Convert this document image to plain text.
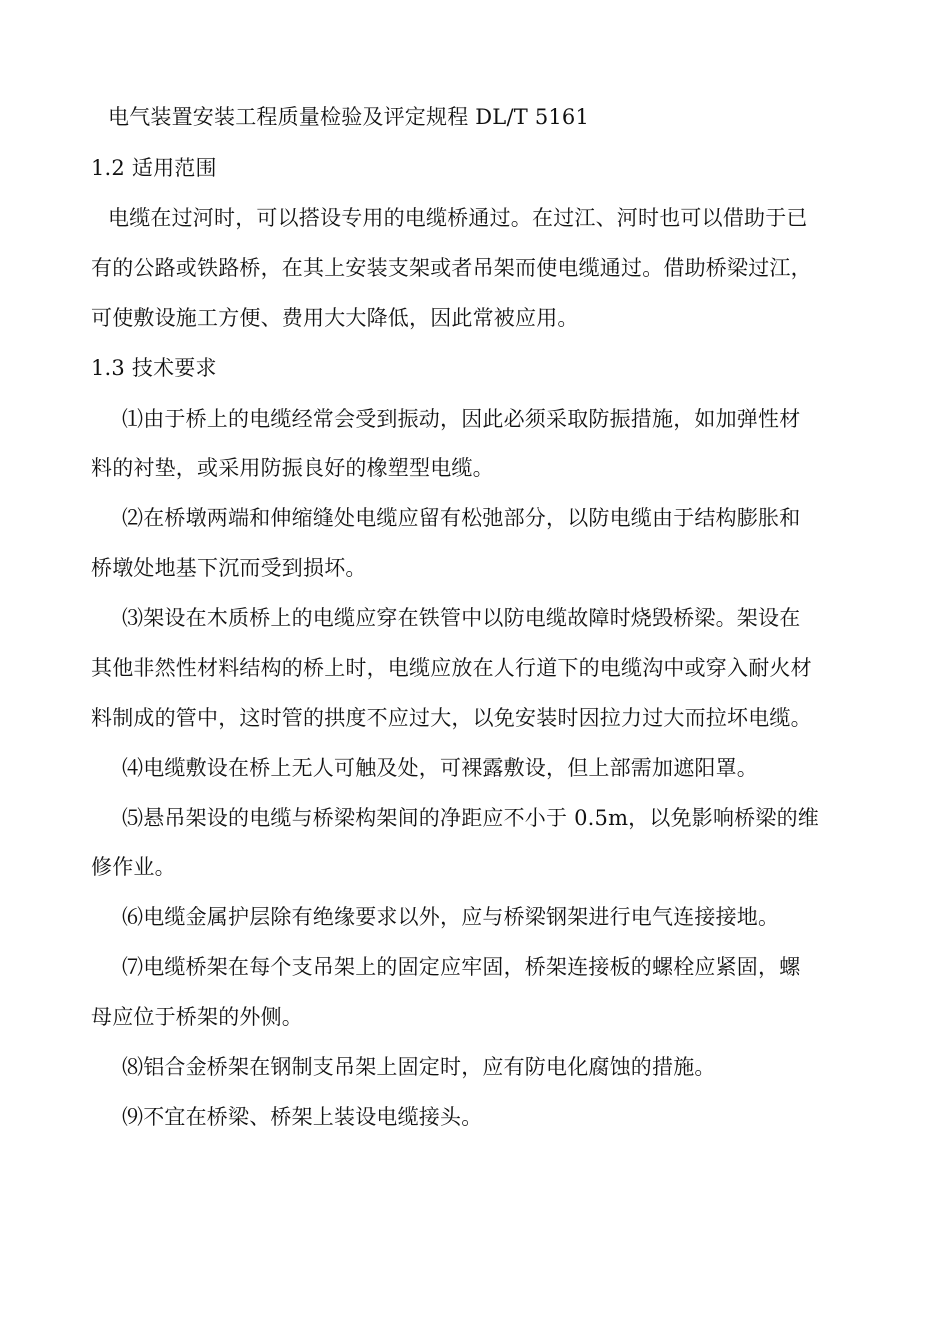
电气装置安装工程质量检验及评定规程 DL/T 5161
1.2 适用范围
电缆在过河时，可以搭设专用的电缆桥通过。在过江、河时也可以借助于已
有的公路或铁路桥，在其上安装支架或者吊架而使电缆通过。借助桥梁过江，
可使敷设施工方便、费用大大降低，因此常被应用。
1.3 技术要求
⑴由于桥上的电缆经常会受到振动，因此必须采取防振措施，如加弹性材
料的衬垫，或采用防振良好的橡塑型电缆。
⑵在桥墩两端和伸缩缝处电缆应留有松弛部分，以防电缆由于结构膨胀和
桥墩处地基下沉而受到损坏。
⑶架设在木质桥上的电缆应穿在铁管中以防电缆故障时烧毁桥梁。架设在
其他非然性材料结构的桥上时，电缆应放在人行道下的电缆沟中或穿入耐火材
料制成的管中，这时管的拱度不应过大，以免安装时因拉力过大而拉坏电缆。
⑷电缆敷设在桥上无人可触及处，可裸露敷设，但上部需加遮阳罩。
⑸悬吊架设的电缆与桥梁构架间的净距应不小于 0.5m，以免影响桥梁的维
修作业。
⑹电缆金属护层除有绝缘要求以外，应与桥梁钢架进行电气连接接地。
⑺电缆桥架在每个支吊架上的固定应牢固，桥架连接板的螺栓应紧固，螺
母应位于桥架的外侧。
⑻铝合金桥架在钢制支吊架上固定时，应有防电化腐蚀的措施。
⑼不宜在桥梁、桥架上装设电缆接头。
